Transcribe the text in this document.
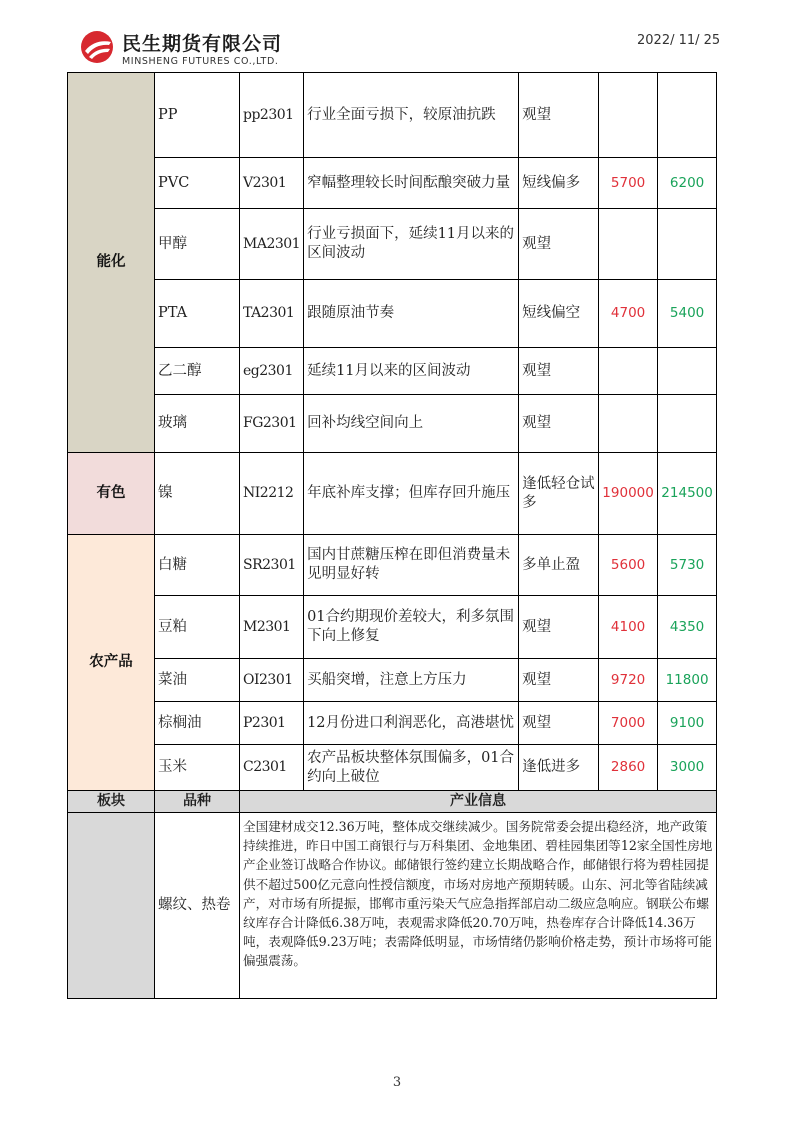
民生期货有限公司
MINSHENG FUTURES CO.,LTD.
2022/ 11/ 25
能化	PP	pp2301	行业全面亏损下，较原油抗跌	观望		
	PVC	V2301	窄幅整理较长时间酝酿突破力量	短线偏多	5700	6200
	甲醇	MA2301	行业亏损面下，延续11月以来的区间波动	观望		
	PTA	TA2301	跟随原油节奏	短线偏空	4700	5400
	乙二醇	eg2301	延续11月以来的区间波动	观望		
	玻璃	FG2301	回补均线空间向上	观望		
有色	镍	NI2212	年底补库支撑；但库存回升施压	逢低轻仓试多	190000	214500
农产品	白糖	SR2301	国内甘蔗糖压榨在即但消费量未见明显好转	多单止盈	5600	5730
	豆粕	M2301	01合约期现价差较大，利多氛围下向上修复	观望	4100	4350
	菜油	OI2301	买船突增，注意上方压力	观望	9720	11800
	棕榈油	P2301	12月份进口利润恶化，高港堪忧	观望	7000	9100
	玉米	C2301	农产品板块整体氛围偏多，01合约向上破位	逢低进多	2860	3000
板块	品种	产业信息				
	螺纹、热卷	全国建材成交12.36万吨，整体成交继续减少。国务院常委会提出稳经济，地产政策持续推进，昨日中国工商银行与万科集团、金地集团、碧桂园集团等12家全国性房地产企业签订战略合作协议。邮储银行签约建立长期战略合作，邮储银行将为碧桂园提供不超过500亿元意向性授信额度，市场对房地产预期转暖。山东、河北等省陆续减产，对市场有所提振，邯郸市重污染天气应急指挥部启动二级应急响应。钢联公布螺纹库存合计降低6.38万吨，表观需求降低20.70万吨，热卷库存合计降低14.36万吨，表观降低9.23万吨；表需降低明显，市场情绪仍影响价格走势，预计市场将可能偏强震荡。				
3
